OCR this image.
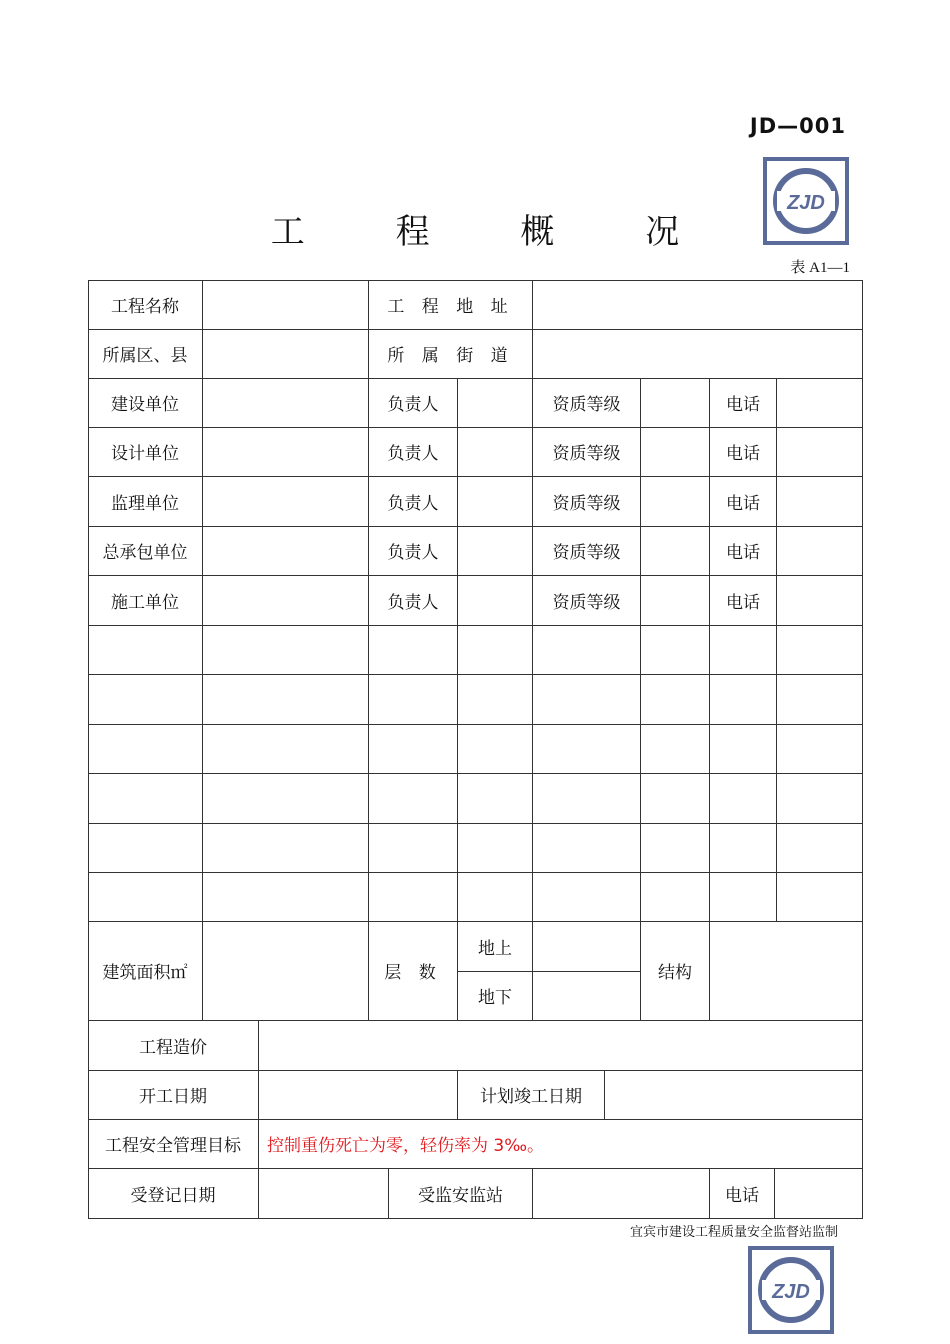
JD—001
ZJD
工 程 概 况
表 A1—1
工程名称	工 程 地 址
所属区、县	所 属 街 道
建设单位	负责人	资质等级	电话
设计单位	负责人	资质等级	电话
监理单位	负责人	资质等级	电话
总承包单位	负责人	资质等级	电话
施工单位	负责人	资质等级	电话
建筑面积㎡	层 数
地上
地下
结构
工程造价
开工日期	计划竣工日期
工程安全管理目标	控制重伤死亡为零，轻伤率为 3‰。
受登记日期	受监安监站	电话
宜宾市建设工程质量安全监督站监制
ZJD
